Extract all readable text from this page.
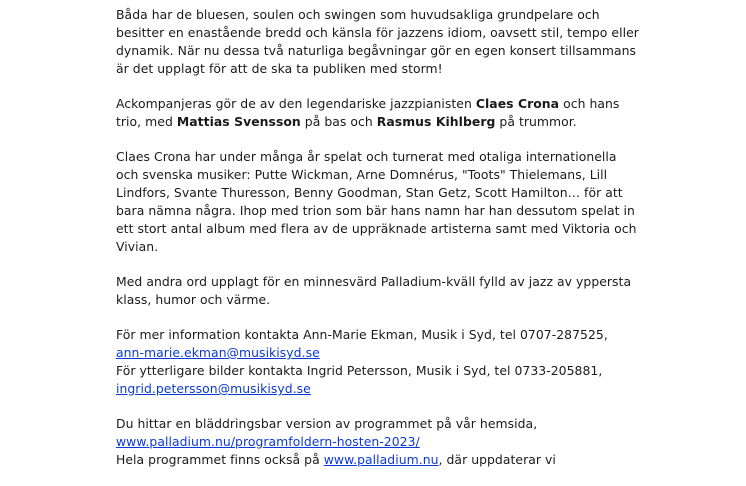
Båda har de bluesen, soulen och swingen som huvudsakliga grundpelare och
besitter en enastående bredd och känsla för jazzens idiom, oavsett stil, tempo eller
dynamik. När nu dessa två naturliga begåvningar gör en egen konsert tillsammans
är det upplagt för att de ska ta publiken med storm!

Ackompanjeras gör de av den legendariske jazzpianisten Claes Crona och hans
trio, med Mattias Svensson på bas och Rasmus Kihlberg på trummor.

Claes Crona har under många år spelat och turnerat med otaliga internationella
och svenska musiker: Putte Wickman, Arne Domnérus, "Toots" Thielemans, Lill
Lindfors, Svante Thuresson, Benny Goodman, Stan Getz, Scott Hamilton… för att
bara nämna några. Ihop med trion som bär hans namn har han dessutom spelat in
ett stort antal album med flera av de uppräknade artisterna samt med Viktoria och
Vivian.

Med andra ord upplagt för en minnesvärd Palladium-kväll fylld av jazz av yppersta
klass, humor och värme.

För mer information kontakta Ann-Marie Ekman, Musik i Syd, tel 0707-287525,
ann-marie.ekman@musikisyd.se
För ytterligare bilder kontakta Ingrid Petersson, Musik i Syd, tel 0733-205881,
ingrid.petersson@musikisyd.se

Du hittar en bläddringsbar version av programmet på vår hemsida,
www.palladium.nu/programfoldern-hosten-2023/
Hela programmet finns också på www.palladium.nu, där uppdaterar vi
